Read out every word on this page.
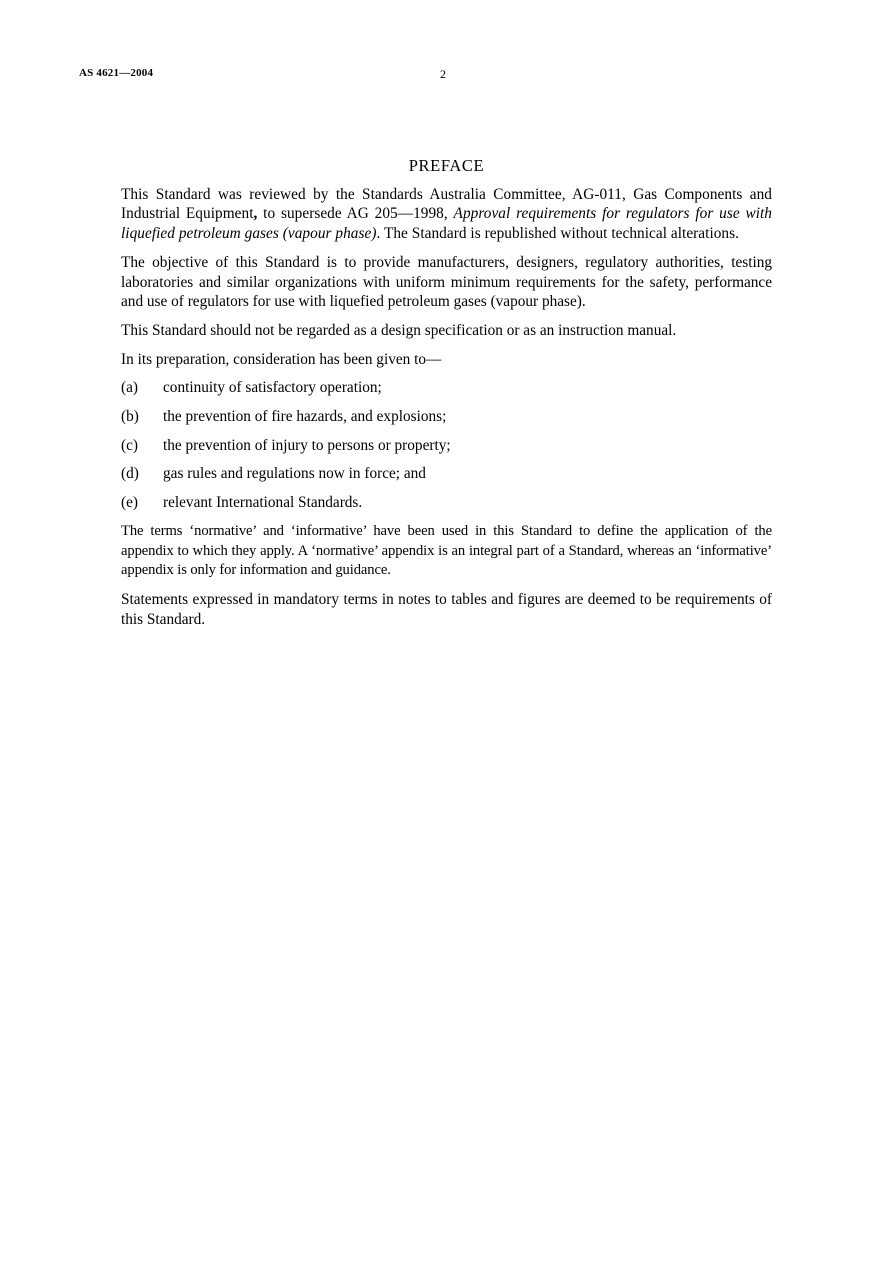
AS 4621—2004	2
PREFACE

This Standard was reviewed by the Standards Australia Committee, AG-011, Gas Components and Industrial Equipment, to supersede AG 205—1998, Approval requirements for regulators for use with liquefied petroleum gases (vapour phase). The Standard is republished without technical alterations.

The objective of this Standard is to provide manufacturers, designers, regulatory authorities, testing laboratories and similar organizations with uniform minimum requirements for the safety, performance and use of regulators for use with liquefied petroleum gases (vapour phase).

This Standard should not be regarded as a design specification or as an instruction manual.

In its preparation, consideration has been given to—

(a)	continuity of satisfactory operation;
(b)	the prevention of fire hazards, and explosions;
(c)	the prevention of injury to persons or property;
(d)	gas rules and regulations now in force; and
(e)	relevant International Standards.

The terms ‘normative’ and ‘informative’ have been used in this Standard to define the application of the appendix to which they apply. A ‘normative’ appendix is an integral part of a Standard, whereas an ‘informative’ appendix is only for information and guidance.

Statements expressed in mandatory terms in notes to tables and figures are deemed to be requirements of this Standard.
